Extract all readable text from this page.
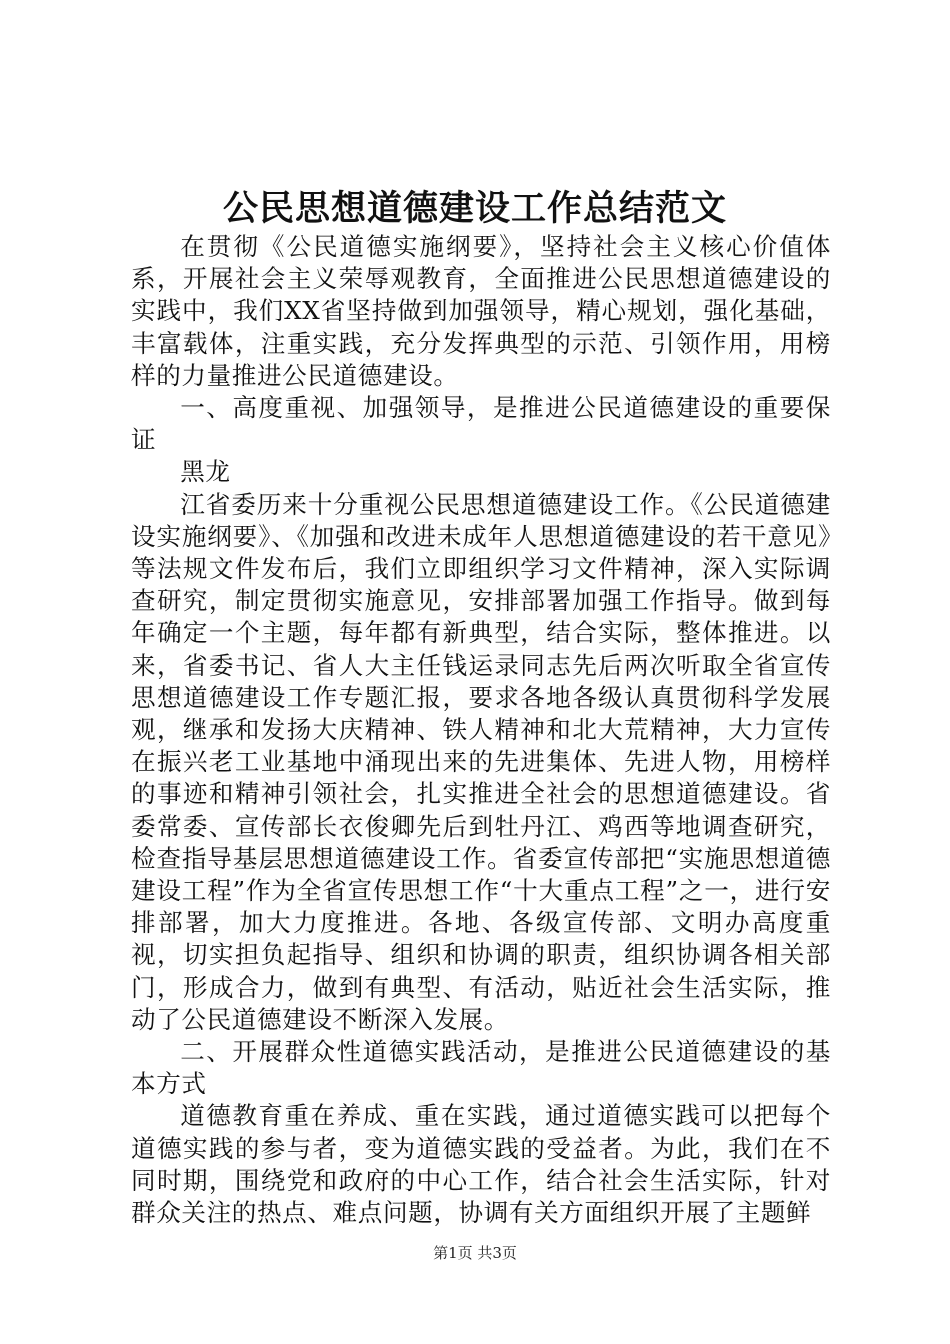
公民思想道德建设工作总结范文

在贯彻《公民道德实施纲要》，坚持社会主义核心价值体系，开展社会主义荣辱观教育，全面推进公民思想道德建设的实践中，我们XX省坚持做到加强领导，精心规划，强化基础，丰富载体，注重实践，充分发挥典型的示范、引领作用，用榜样的力量推进公民道德建设。

一、高度重视、加强领导，是推进公民道德建设的重要保证

黑龙

江省委历来十分重视公民思想道德建设工作。《公民道德建设实施纲要》、《加强和改进未成年人思想道德建设的若干意见》等法规文件发布后，我们立即组织学习文件精神，深入实际调查研究，制定贯彻实施意见，安排部署加强工作指导。做到每年确定一个主题，每年都有新典型，结合实际，整体推进。以来，省委书记、省人大主任钱运录同志先后两次听取全省宣传思想道德建设工作专题汇报，要求各地各级认真贯彻科学发展观，继承和发扬大庆精神、铁人精神和北大荒精神，大力宣传在振兴老工业基地中涌现出来的先进集体、先进人物，用榜样的事迹和精神引领社会，扎实推进全社会的思想道德建设。省委常委、宣传部长衣俊卿先后到牡丹江、鸡西等地调查研究，检查指导基层思想道德建设工作。省委宣传部把“实施思想道德建设工程”作为全省宣传思想工作“十大重点工程”之一，进行安排部署，加大力度推进。各地、各级宣传部、文明办高度重视，切实担负起指导、组织和协调的职责，组织协调各相关部门，形成合力，做到有典型、有活动，贴近社会生活实际，推动了公民道德建设不断深入发展。

二、开展群众性道德实践活动，是推进公民道德建设的基本方式

道德教育重在养成、重在实践，通过道德实践可以把每个道德实践的参与者，变为道德实践的受益者。为此，我们在不同时期，围绕党和政府的中心工作，结合社会生活实际，针对群众关注的热点、难点问题，协调有关方面组织开展了主题鲜

第1页 共3页
